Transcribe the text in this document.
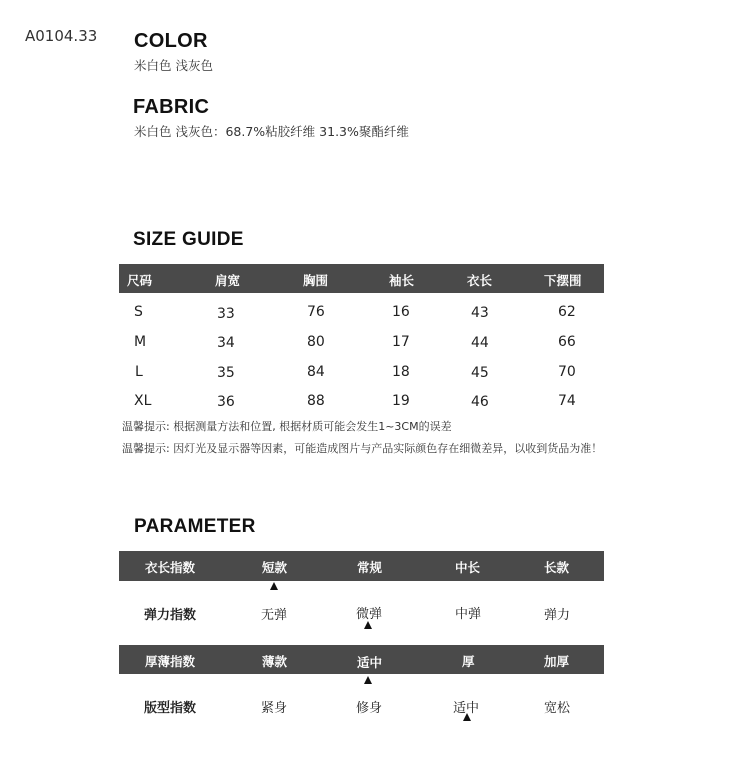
A0104.33 COLOR
米白色 浅灰色
FABRIC
米白色 浅灰色：68.7%粘胶纤维 31.3%聚酯纤维
SIZE GUIDE
尺码	肩宽	胸围	袖长	衣长	下摆围
S	33	76	16	43	62
M	34	80	17	44	66
L	35	84	18	45	70
XL	36	88	19	46	74
温馨提示: 根据测量方法和位置, 根据材质可能会发生1~3CM的误差
温馨提示: 因灯光及显示器等因素，可能造成图片与产品实际颜色存在细微差异，以收到货品为准！
PARAMETER
衣长指数	短款	常规	中长	长款
弹力指数	无弹	微弹	中弹	弹力
厚薄指数	薄款	适中	厚	加厚
版型指数	紧身	修身	适中	宽松
